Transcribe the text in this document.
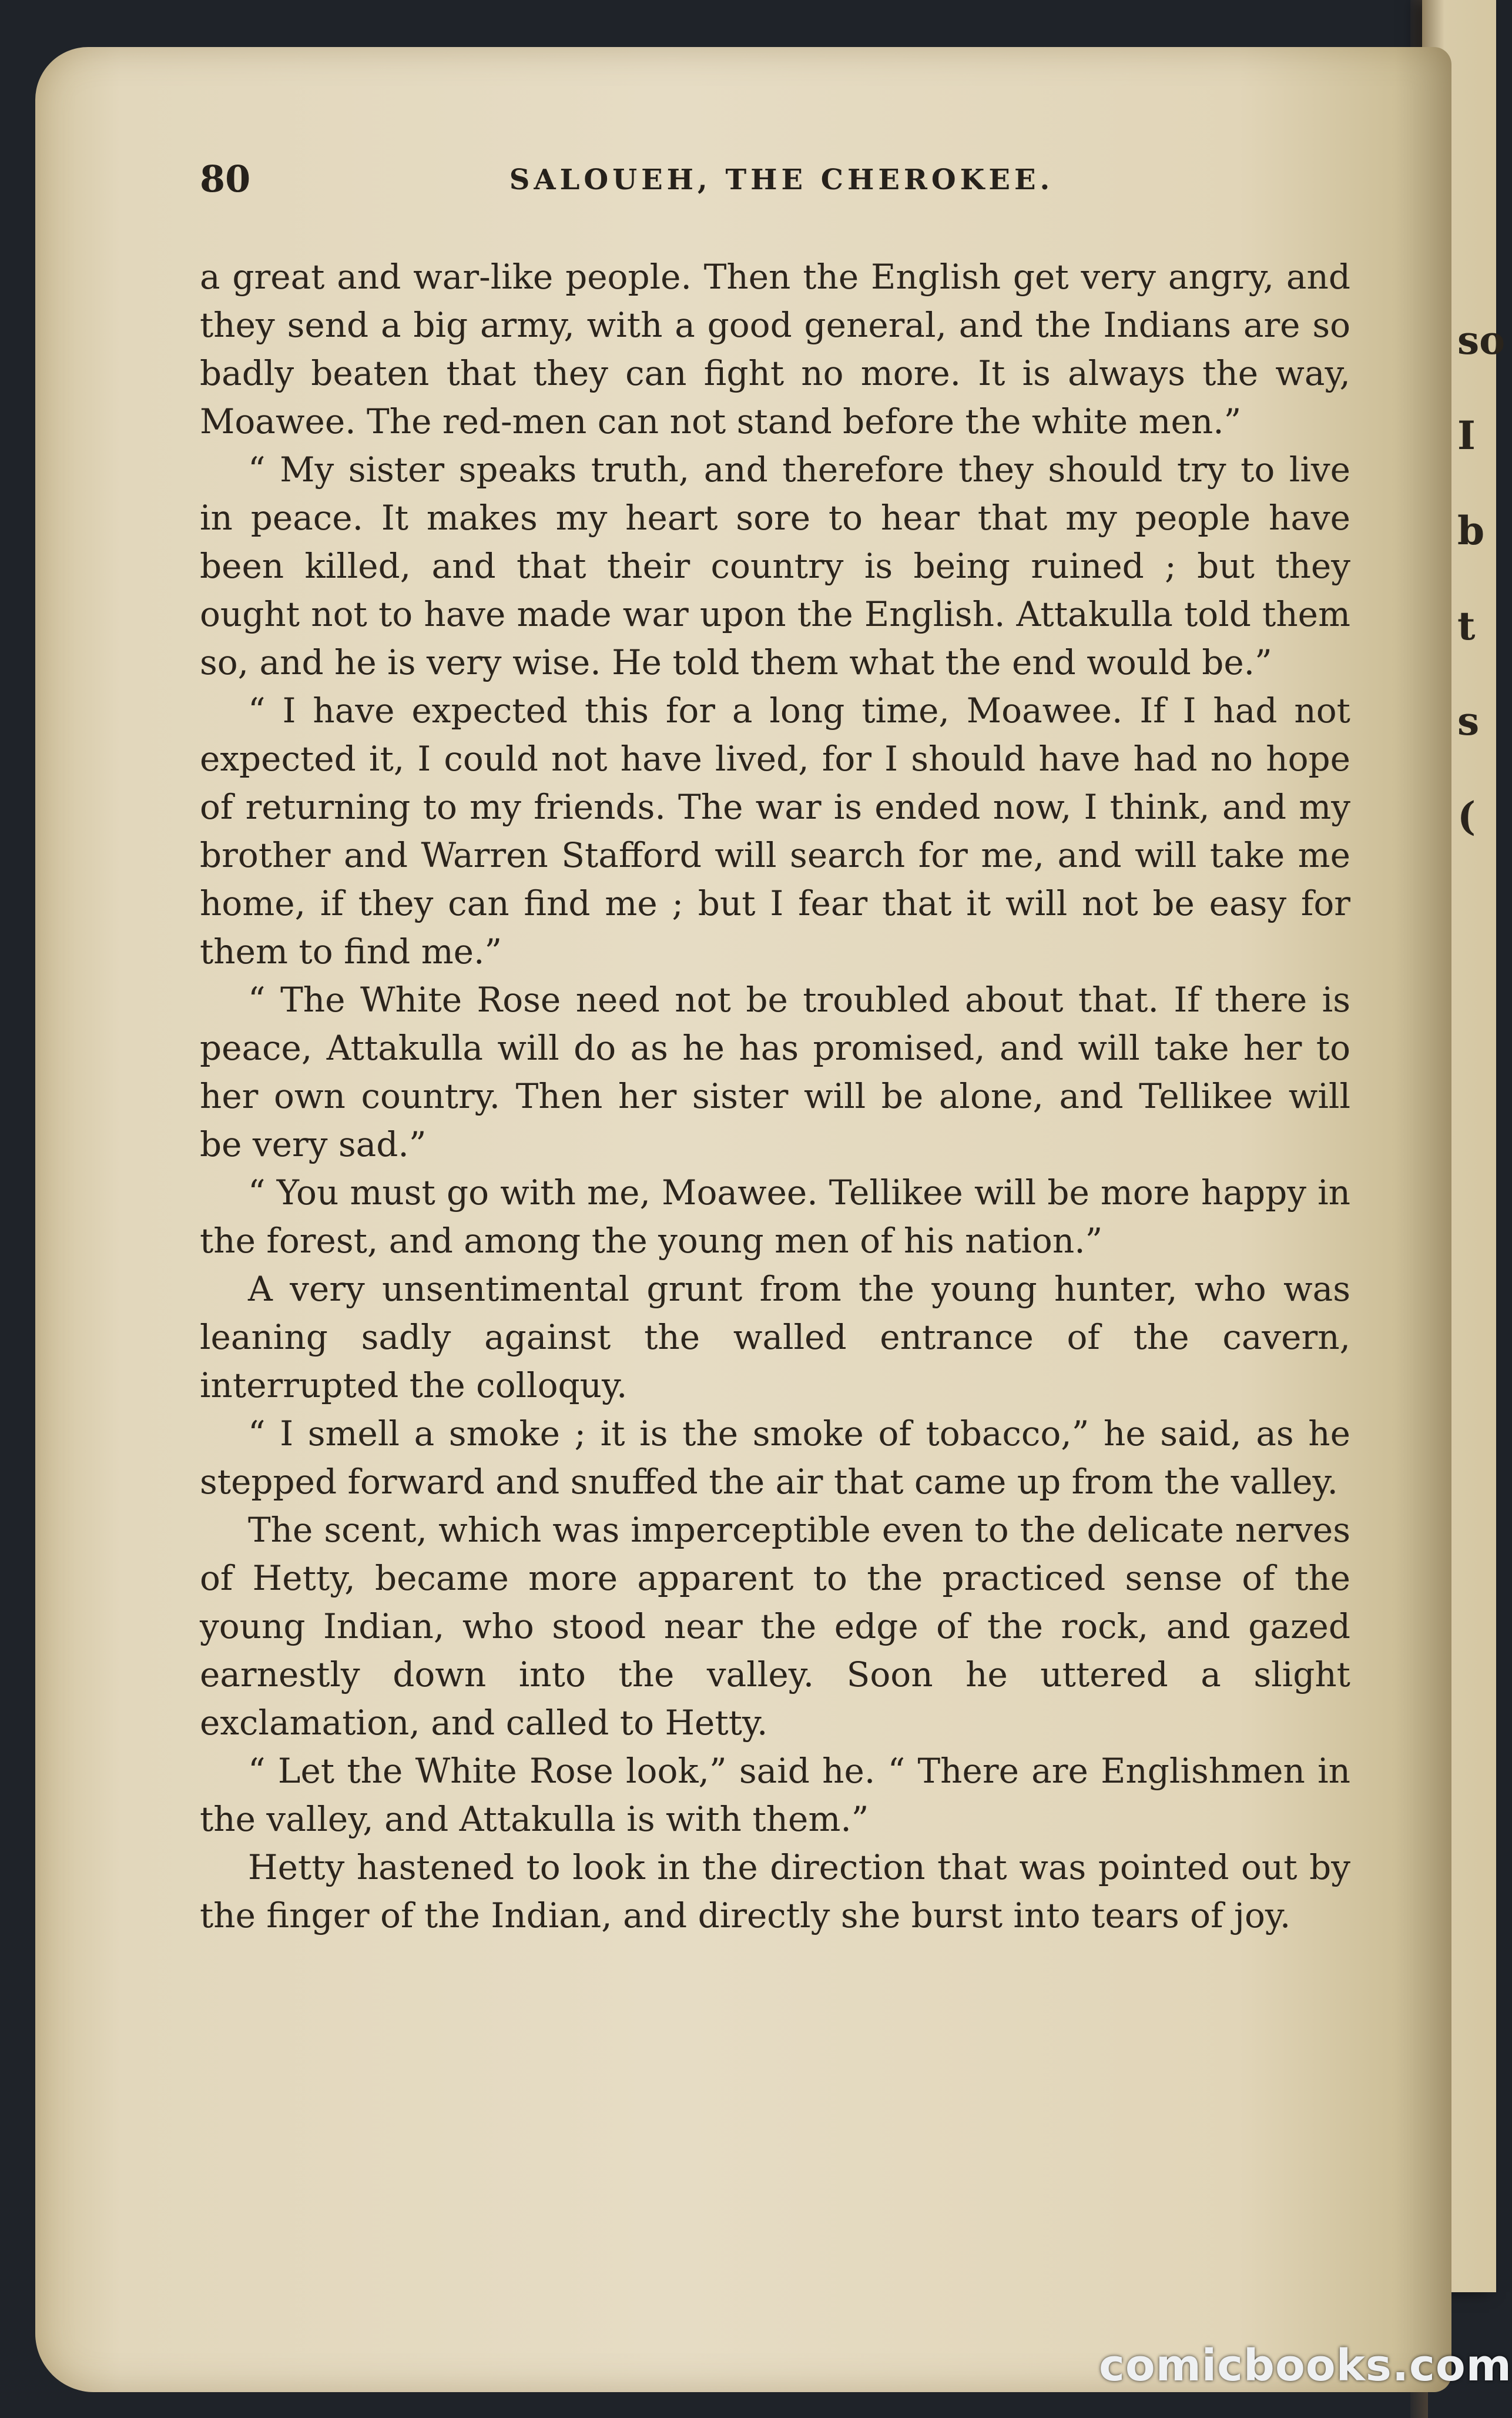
so
I
b
t
s
(
80	SALOUEH, THE CHEROKEE.

a great and war-like people. Then the English get very angry, and they send a big army, with a good general, and the Indians are so badly beaten that they can fight no more. It is always the way, Moawee. The red-men can not stand before the white men.”

“ My sister speaks truth, and therefore they should try to live in peace. It makes my heart sore to hear that my people have been killed, and that their country is being ruined ; but they ought not to have made war upon the English. Attakulla told them so, and he is very wise. He told them what the end would be.”

“ I have expected this for a long time, Moawee. If I had not expected it, I could not have lived, for I should have had no hope of returning to my friends. The war is ended now, I think, and my brother and Warren Stafford will search for me, and will take me home, if they can find me ; but I fear that it will not be easy for them to find me.”

“ The White Rose need not be troubled about that. If there is peace, Attakulla will do as he has promised, and will take her to her own country. Then her sister will be alone, and Tellikee will be very sad.”

“ You must go with me, Moawee. Tellikee will be more happy in the forest, and among the young men of his nation.”

A very unsentimental grunt from the young hunter, who was leaning sadly against the walled entrance of the cavern, interrupted the colloquy.

“ I smell a smoke ; it is the smoke of tobacco,” he said, as he stepped forward and snuffed the air that came up from the valley.

The scent, which was imperceptible even to the delicate nerves of Hetty, became more apparent to the practiced sense of the young Indian, who stood near the edge of the rock, and gazed earnestly down into the valley. Soon he uttered a slight exclamation, and called to Hetty.

“ Let the White Rose look,” said he. “ There are Englishmen in the valley, and Attakulla is with them.”

Hetty hastened to look in the direction that was pointed out by the finger of the Indian, and directly she burst into tears of joy.

comicbooks.com
